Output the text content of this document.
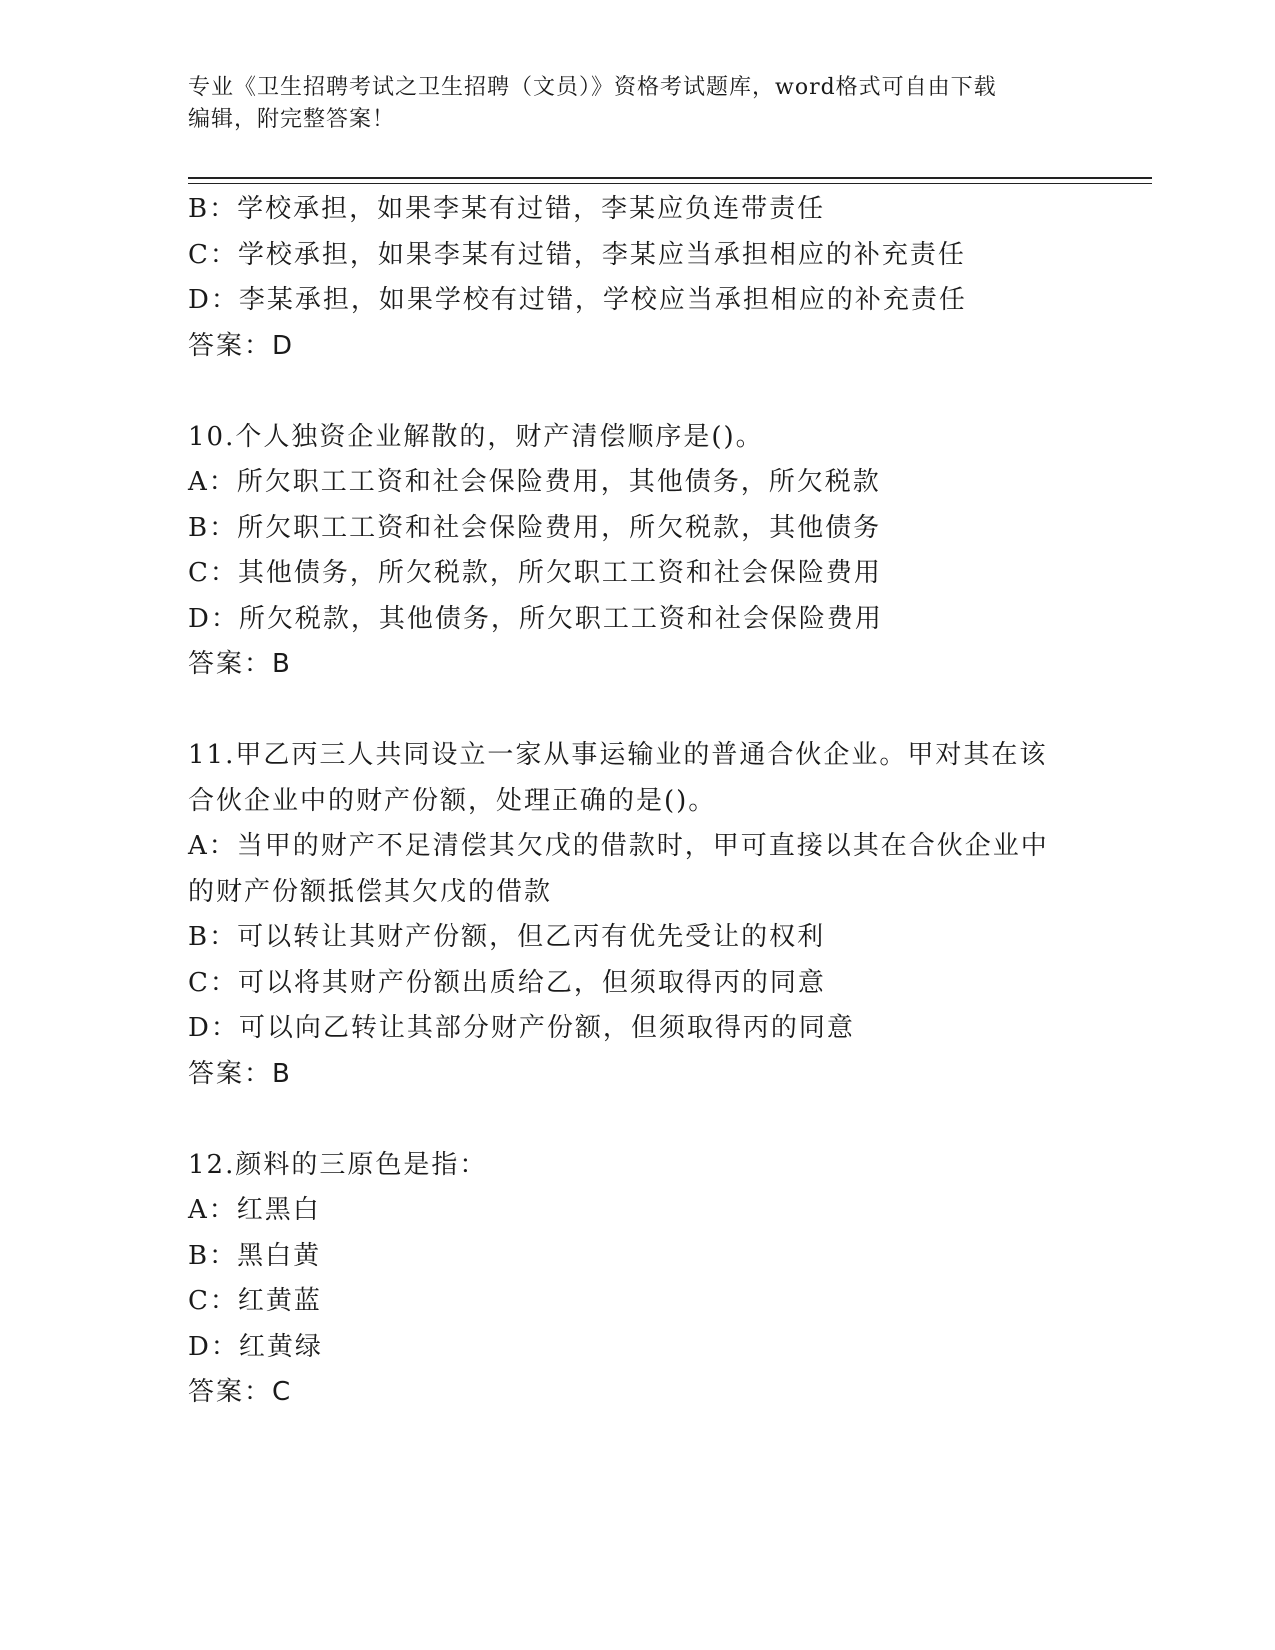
专业《卫生招聘考试之卫生招聘（文员）》资格考试题库，word格式可自由下载
编辑，附完整答案！
B：学校承担，如果李某有过错，李某应负连带责任
C：学校承担，如果李某有过错，李某应当承担相应的补充责任
D：李某承担，如果学校有过错，学校应当承担相应的补充责任
答案：D
10.个人独资企业解散的，财产清偿顺序是()。
A：所欠职工工资和社会保险费用，其他债务，所欠税款
B：所欠职工工资和社会保险费用，所欠税款，其他债务
C：其他债务，所欠税款，所欠职工工资和社会保险费用
D：所欠税款，其他债务，所欠职工工资和社会保险费用
答案：B
11.甲乙丙三人共同设立一家从事运输业的普通合伙企业。甲对其在该
合伙企业中的财产份额，处理正确的是()。
A：当甲的财产不足清偿其欠戊的借款时，甲可直接以其在合伙企业中
的财产份额抵偿其欠戊的借款
B：可以转让其财产份额，但乙丙有优先受让的权利
C：可以将其财产份额出质给乙，但须取得丙的同意
D：可以向乙转让其部分财产份额，但须取得丙的同意
答案：B
12.颜料的三原色是指：
A：红黑白
B：黑白黄
C：红黄蓝
D：红黄绿
答案：C
